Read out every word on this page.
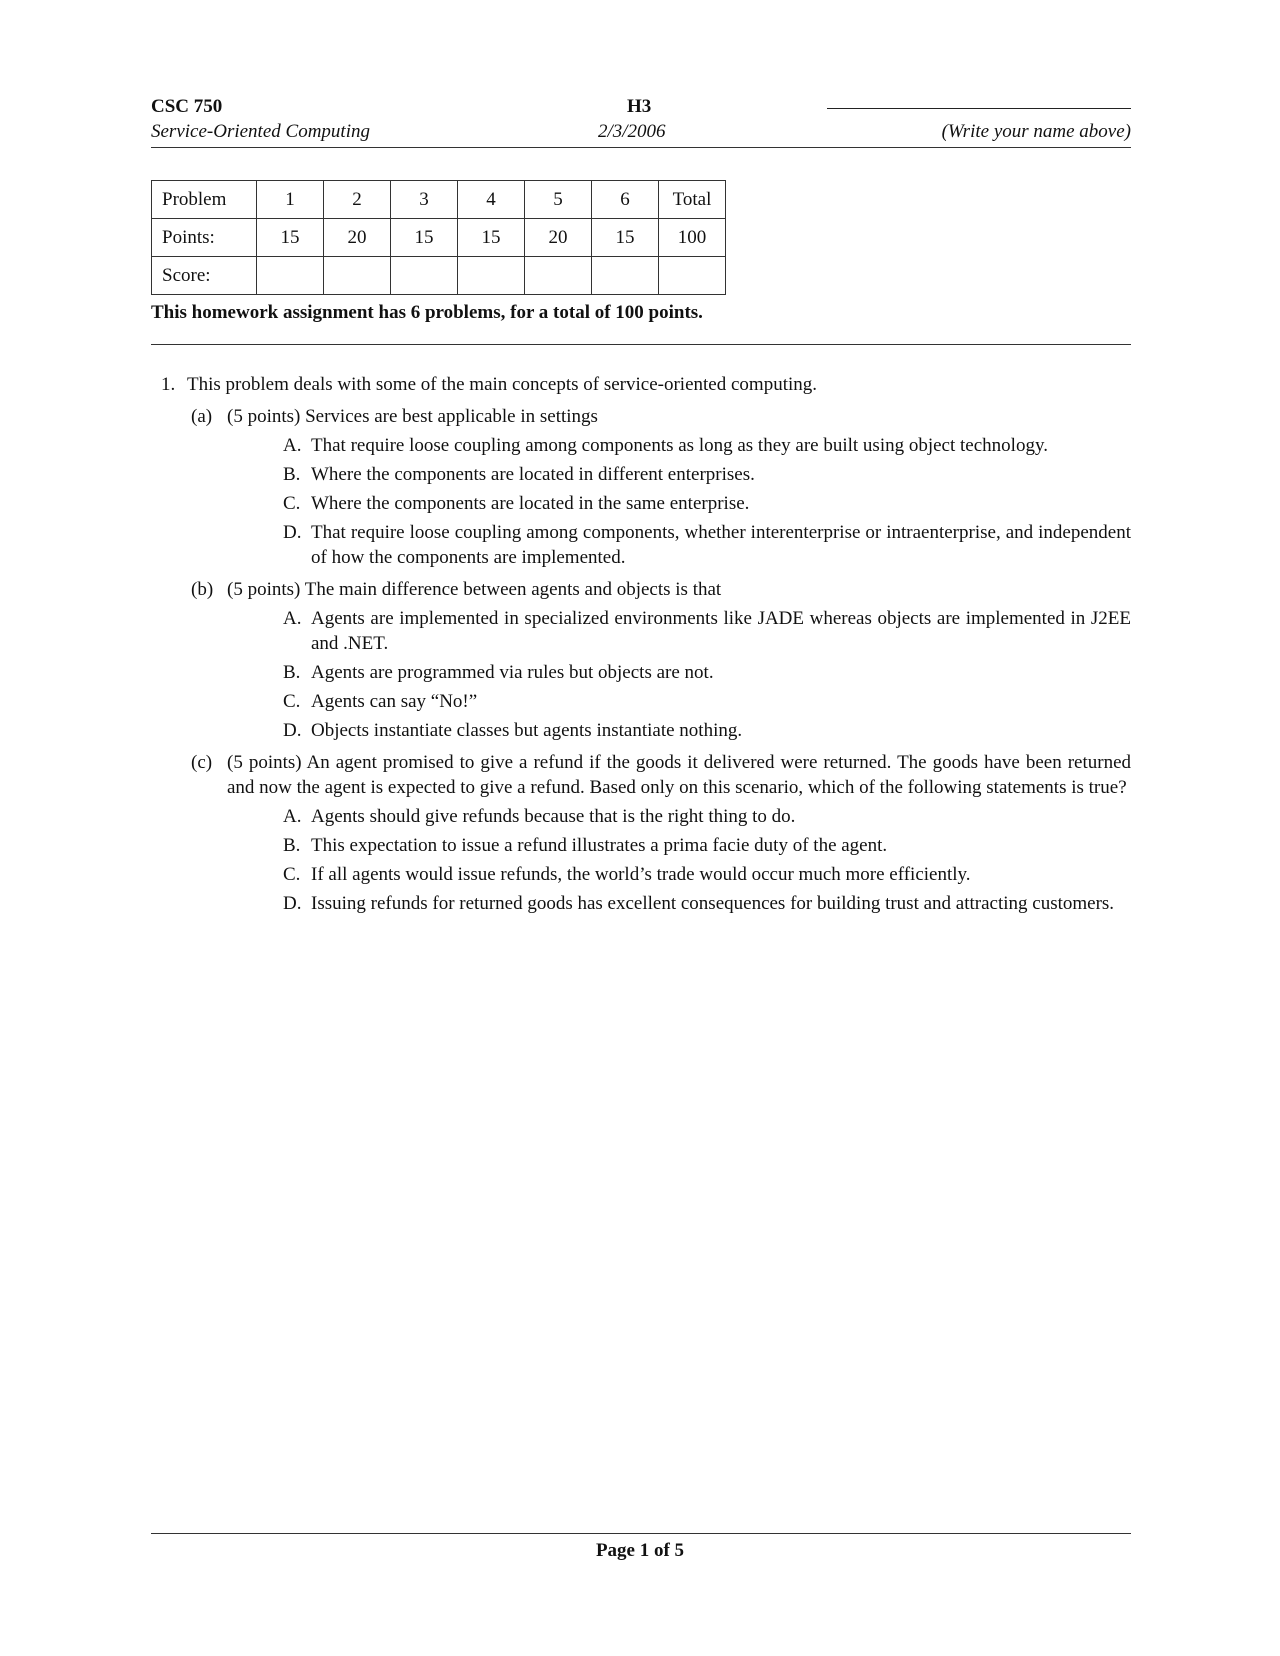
CSC 750	H3
Service-Oriented Computing	2/3/2006	(Write your name above)
Problem	1	2	3	4	5	6	Total
Points:	15	20	15	15	20	15	100
Score:							
This homework assignment has 6 problems, for a total of 100 points.
1. This problem deals with some of the main concepts of service-oriented computing.
(a) (5 points) Services are best applicable in settings
A. That require loose coupling among components as long as they are built using object technology.
B. Where the components are located in different enterprises.
C. Where the components are located in the same enterprise.
D. That require loose coupling among components, whether interenterprise or intraenterprise, and independent of how the components are implemented.
(b) (5 points) The main difference between agents and objects is that
A. Agents are implemented in specialized environments like JADE whereas objects are implemented in J2EE and .NET.
B. Agents are programmed via rules but objects are not.
C. Agents can say “No!”
D. Objects instantiate classes but agents instantiate nothing.
(c) (5 points) An agent promised to give a refund if the goods it delivered were returned. The goods have been returned and now the agent is expected to give a refund. Based only on this scenario, which of the following statements is true?
A. Agents should give refunds because that is the right thing to do.
B. This expectation to issue a refund illustrates a prima facie duty of the agent.
C. If all agents would issue refunds, the world’s trade would occur much more efficiently.
D. Issuing refunds for returned goods has excellent consequences for building trust and attracting customers.
Page 1 of 5
